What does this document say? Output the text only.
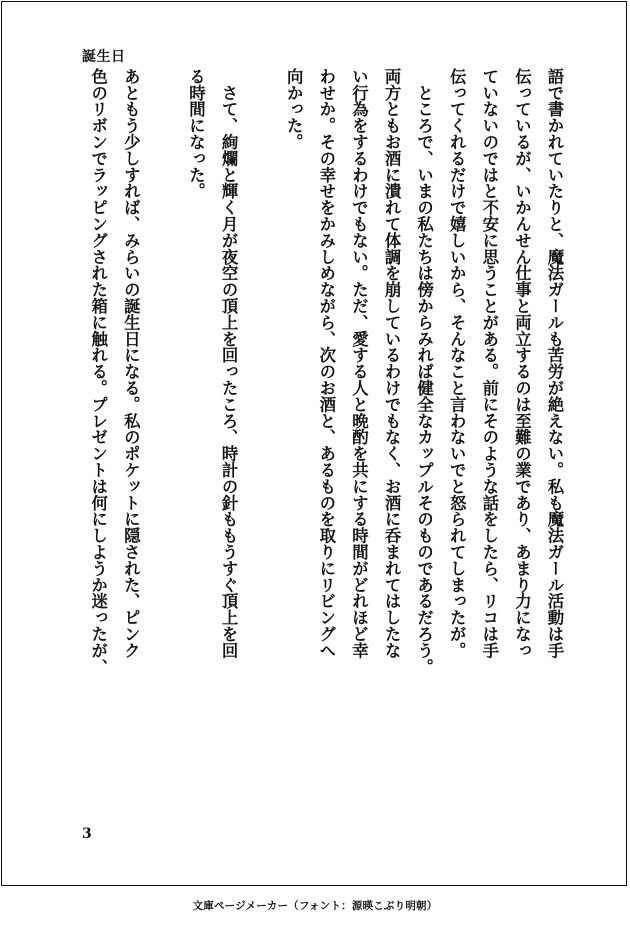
誕生日

語で書かれていたりと、魔法ガールも苦労が絶えない。私も魔法ガール活動は手

伝っているが、いかんせん仕事と両立するのは至難の業であり、あまり力になっ

ていないのではと不安に思うことがある。前にそのような話をしたら、リコは手

伝ってくれるだけで嬉しいから、そんなこと言わないでと怒られてしまったが。

　ところで、いまの私たちは傍からみれば健全なカップルそのものであるだろう。

両方ともお酒に潰れて体調を崩しているわけでもなく、お酒に呑まれてはしたな

い行為をするわけでもない。ただ、愛する人と晩酌を共にする時間がどれほど幸

わせか。その幸せをかみしめながら、次のお酒と、あるものを取りにリビングへ

向かった。

　さて、絢爛と輝く月が夜空の頂上を回ったころ、時計の針ももうすぐ頂上を回

る時間になった。

あともう少しすれば、みらいの誕生日になる。私のポケットに隠された、ピンク

色のリボンでラッピングされた箱に触れる。プレゼントは何にしようか迷ったが、

3
文庫ページメーカー（フォント：源暎こぶり明朝）
